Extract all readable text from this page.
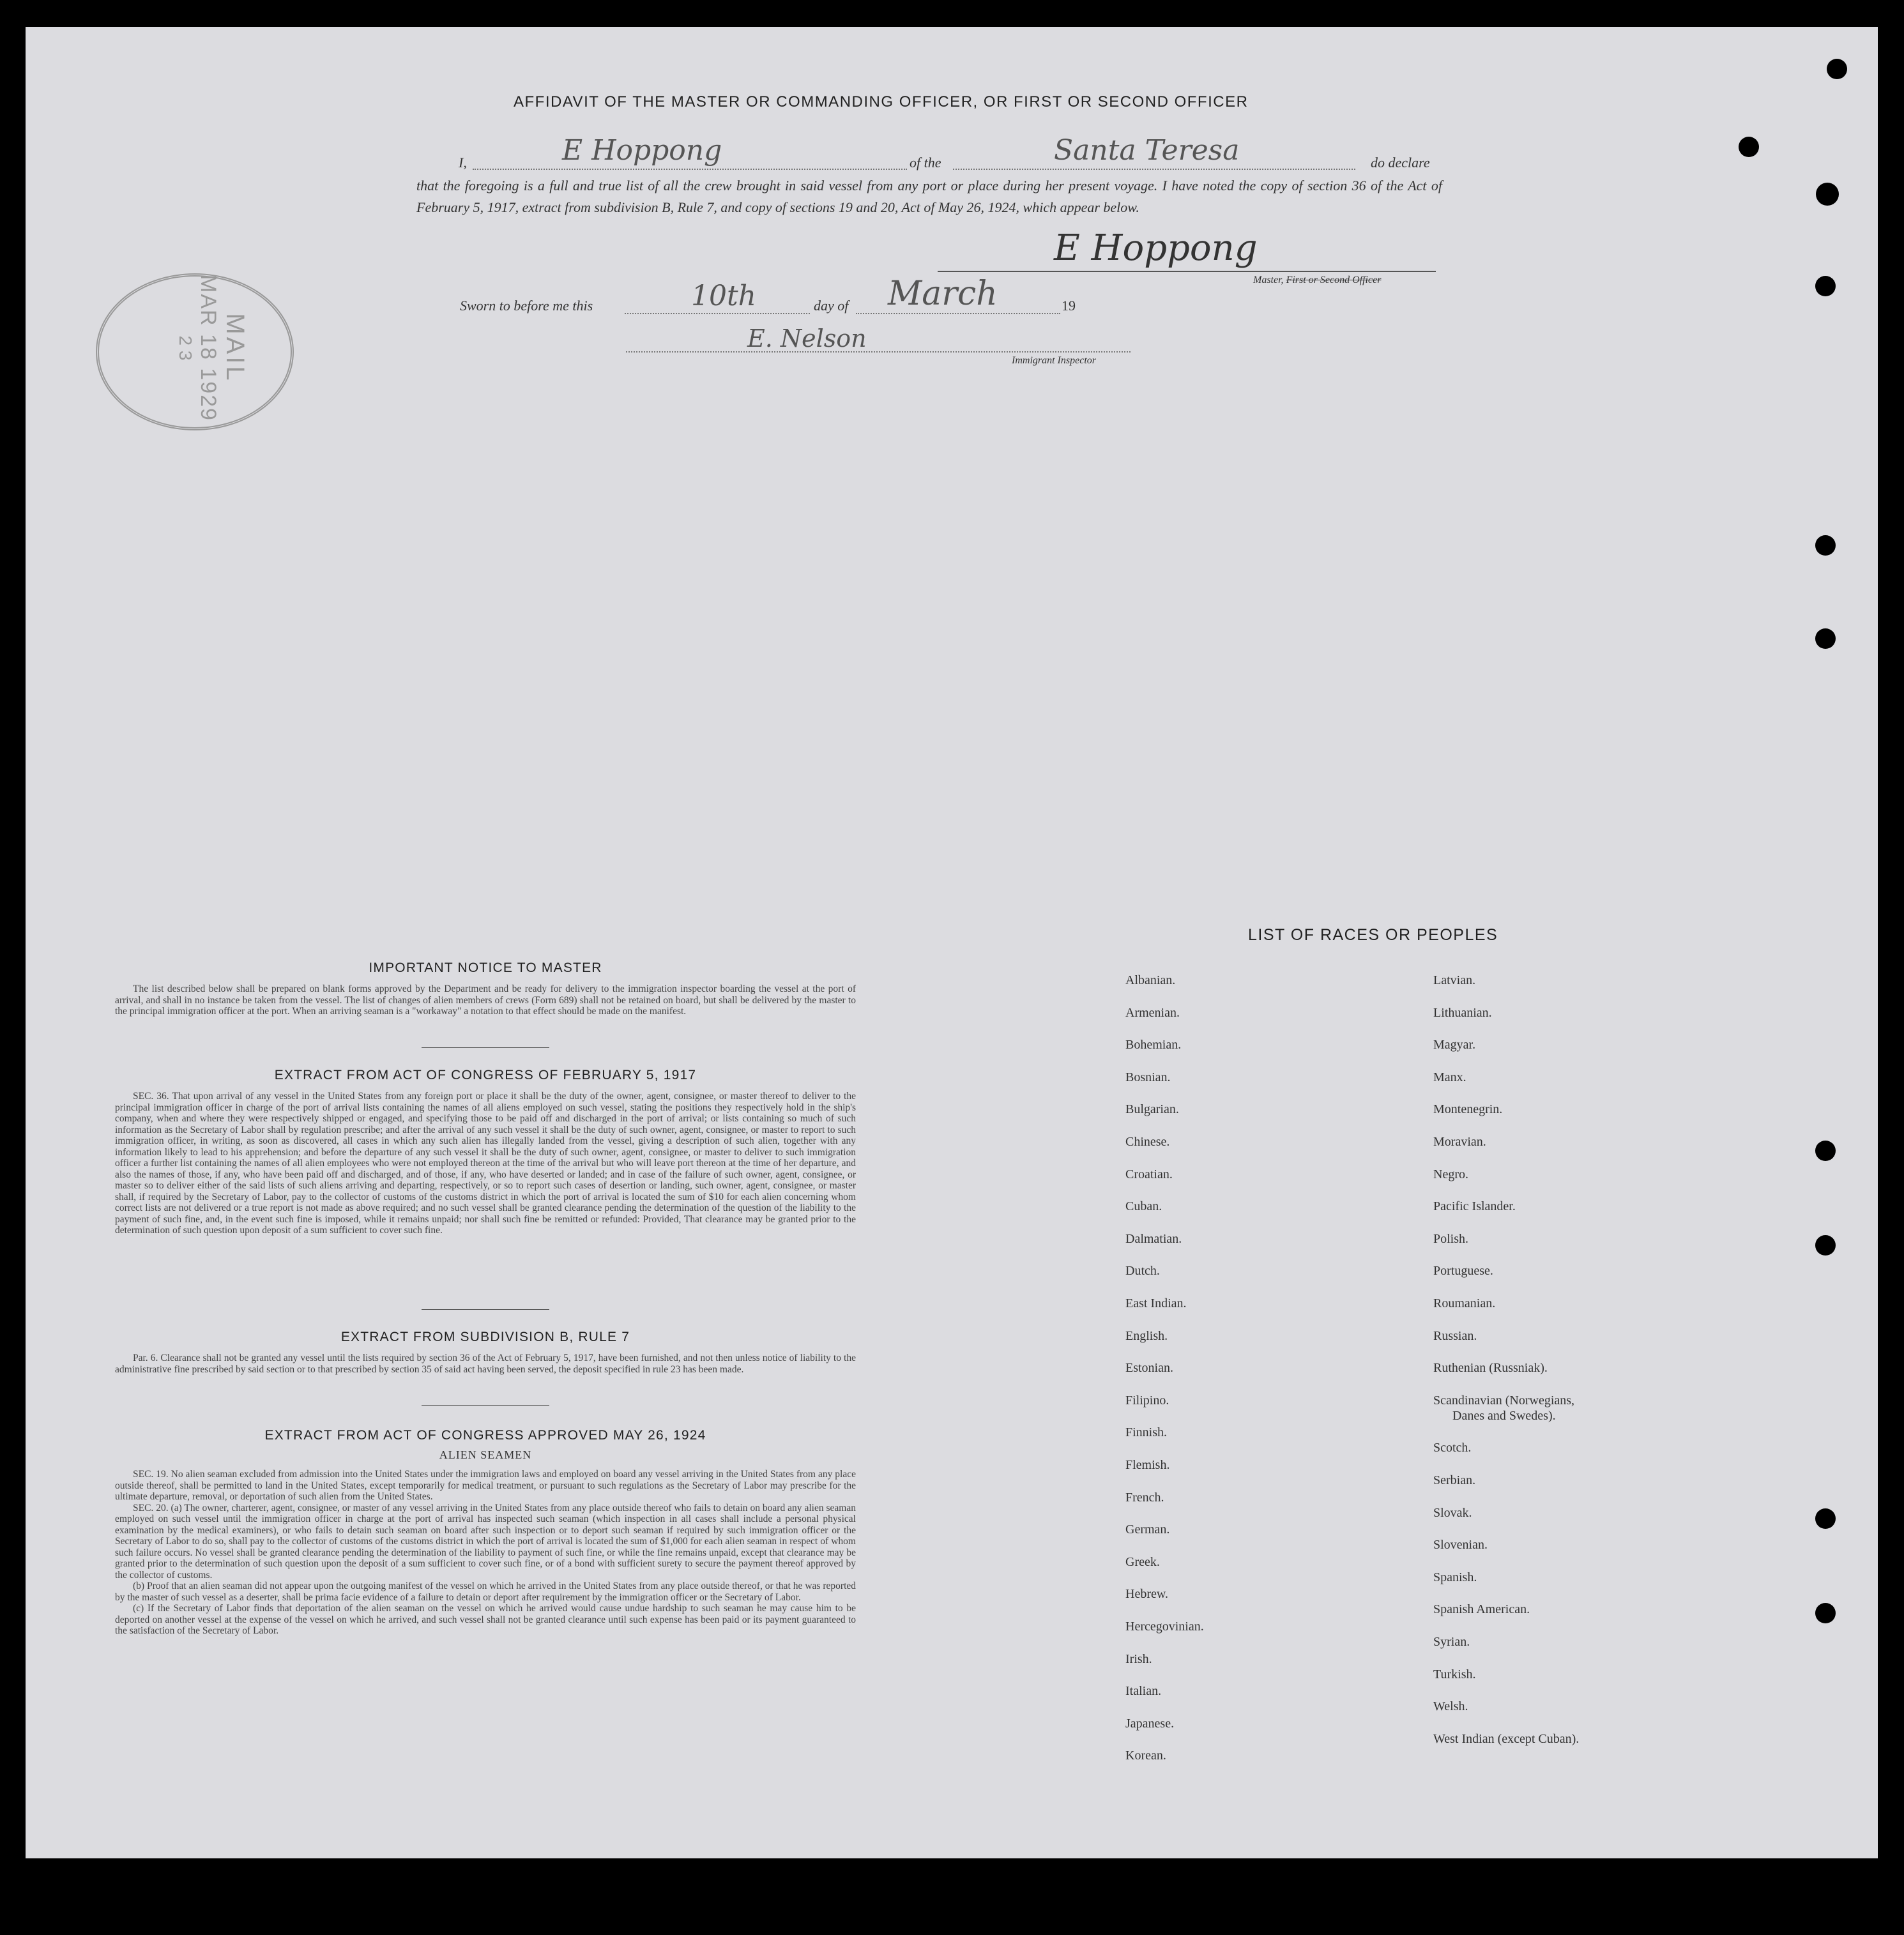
AFFIDAVIT OF THE MASTER OR COMMANDING OFFICER, OR FIRST OR SECOND OFFICER
I,	E Hoppong	of the	Santa Teresa	do declare
that the foregoing is a full and true list of all the crew brought in said vessel from any port or place during her present voyage. I have noted the copy of section 36 of the Act of February 5, 1917, extract from subdivision B, Rule 7, and copy of sections 19 and 20, Act of May 26, 1924, which appear below.
E Hoppong
Master, First or Second Officer
Sworn to before me this	10th	day of March	19
E. Nelson
Immigrant Inspector
MAIL
MAR 18 1929
2 3
IMPORTANT NOTICE TO MASTER

The list described below shall be prepared on blank forms approved by the Department and be ready for delivery to the immigration inspector boarding the vessel at the port of arrival, and shall in no instance be taken from the vessel. The list of changes of alien members of crews (Form 689) shall not be retained on board, but shall be delivered by the master to the principal immigration officer at the port. When an arriving seaman is a "workaway" a notation to that effect should be made on the manifest.

EXTRACT FROM ACT OF CONGRESS OF FEBRUARY 5, 1917

SEC. 36. That upon arrival of any vessel in the United States from any foreign port or place it shall be the duty of the owner, agent, consignee, or master thereof to deliver to the principal immigration officer in charge of the port of arrival lists containing the names of all aliens employed on such vessel, stating the positions they respectively hold in the ship's company, when and where they were respectively shipped or engaged, and specifying those to be paid off and discharged in the port of arrival; or lists containing so much of such information as the Secretary of Labor shall by regulation prescribe; and after the arrival of any such vessel it shall be the duty of such owner, agent, consignee, or master to report to such immigration officer, in writing, as soon as discovered, all cases in which any such alien has illegally landed from the vessel, giving a description of such alien, together with any information likely to lead to his apprehension; and before the departure of any such vessel it shall be the duty of such owner, agent, consignee, or master to deliver to such immigration officer a further list containing the names of all alien employees who were not employed thereon at the time of the arrival but who will leave port thereon at the time of her departure, and also the names of those, if any, who have been paid off and discharged, and of those, if any, who have deserted or landed; and in case of the failure of such owner, agent, consignee, or master so to deliver either of the said lists of such aliens arriving and departing, respectively, or so to report such cases of desertion or landing, such owner, agent, consignee, or master shall, if required by the Secretary of Labor, pay to the collector of customs of the customs district in which the port of arrival is located the sum of $10 for each alien concerning whom correct lists are not delivered or a true report is not made as above required; and no such vessel shall be granted clearance pending the determination of the question of the liability to the payment of such fine, and, in the event such fine is imposed, while it remains unpaid; nor shall such fine be remitted or refunded: Provided, That clearance may be granted prior to the determination of such question upon deposit of a sum sufficient to cover such fine.

EXTRACT FROM SUBDIVISION B, RULE 7

Par. 6. Clearance shall not be granted any vessel until the lists required by section 36 of the Act of February 5, 1917, have been furnished, and not then unless notice of liability to the administrative fine prescribed by said section or to that prescribed by section 35 of said act having been served, the deposit specified in rule 23 has been made.

EXTRACT FROM ACT OF CONGRESS APPROVED MAY 26, 1924
ALIEN SEAMEN

SEC. 19. No alien seaman excluded from admission into the United States under the immigration laws and employed on board any vessel arriving in the United States from any place outside thereof, shall be permitted to land in the United States, except temporarily for medical treatment, or pursuant to such regulations as the Secretary of Labor may prescribe for the ultimate departure, removal, or deportation of such alien from the United States.

SEC. 20. (a) The owner, charterer, agent, consignee, or master of any vessel arriving in the United States from any place outside thereof who fails to detain on board any alien seaman employed on such vessel until the immigration officer in charge at the port of arrival has inspected such seaman (which inspection in all cases shall include a personal physical examination by the medical examiners), or who fails to detain such seaman on board after such inspection or to deport such seaman if required by such immigration officer or the Secretary of Labor to do so, shall pay to the collector of customs of the customs district in which the port of arrival is located the sum of $1,000 for each alien seaman in respect of whom such failure occurs. No vessel shall be granted clearance pending the determination of the liability to payment of such fine, or while the fine remains unpaid, except that clearance may be granted prior to the determination of such question upon the deposit of a sum sufficient to cover such fine, or of a bond with sufficient surety to secure the payment thereof approved by the collector of customs.

(b) Proof that an alien seaman did not appear upon the outgoing manifest of the vessel on which he arrived in the United States from any place outside thereof, or that he was reported by the master of such vessel as a deserter, shall be prima facie evidence of a failure to detain or deport after requirement by the immigration officer or the Secretary of Labor.

(c) If the Secretary of Labor finds that deportation of the alien seaman on the vessel on which he arrived would cause undue hardship to such seaman he may cause him to be deported on another vessel at the expense of the vessel on which he arrived, and such vessel shall not be granted clearance until such expense has been paid or its payment guaranteed to the satisfaction of the Secretary of Labor.

LIST OF RACES OR PEOPLES
Albanian.
Armenian.
Bohemian.
Bosnian.
Bulgarian.
Chinese.
Croatian.
Cuban.
Dalmatian.
Dutch.
East Indian.
English.
Estonian.
Filipino.
Finnish.
Flemish.
French.
German.
Greek.
Hebrew.
Hercegovinian.
Irish.
Italian.
Japanese.
Korean.
Latvian.
Lithuanian.
Magyar.
Manx.
Montenegrin.
Moravian.
Negro.
Pacific Islander.
Polish.
Portuguese.
Roumanian.
Russian.
Ruthenian (Russniak).
Scandinavian (Norwegians,
Danes and Swedes).
Scotch.
Serbian.
Slovak.
Slovenian.
Spanish.
Spanish American.
Syrian.
Turkish.
Welsh.
West Indian (except Cuban).
